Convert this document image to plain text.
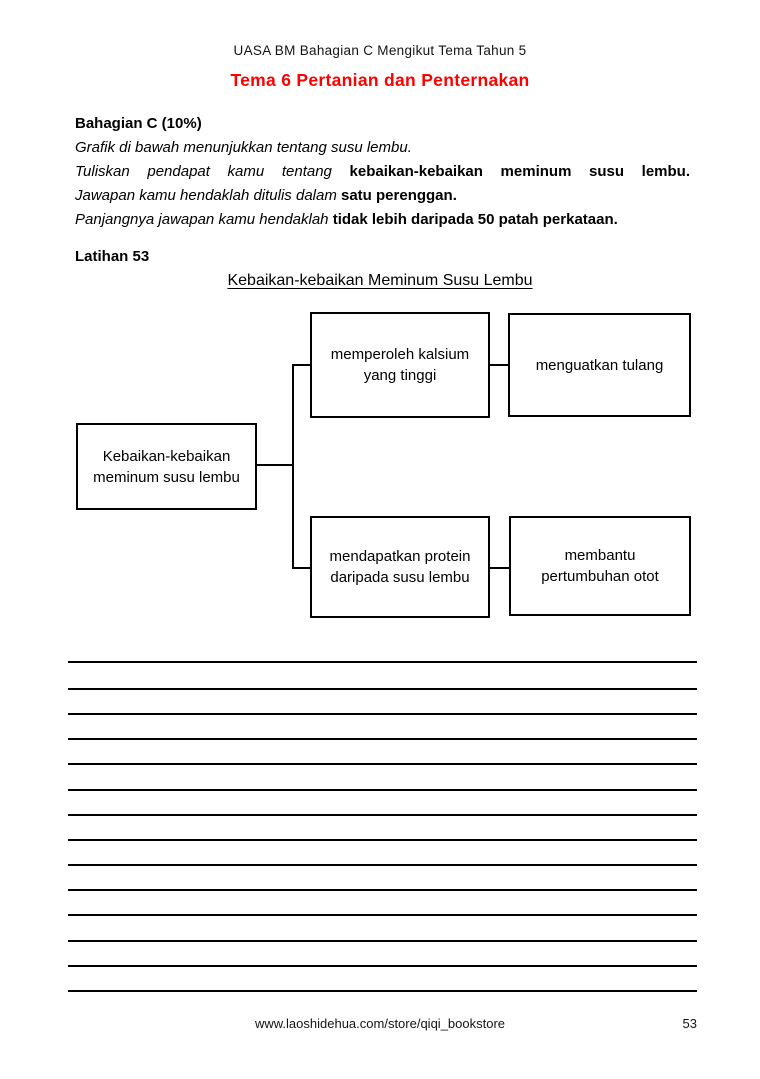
UASA BM Bahagian C Mengikut Tema Tahun 5
Tema 6 Pertanian dan Penternakan
Bahagian C (10%)
Grafik di bawah menunjukkan tentang susu lembu.
Tuliskan pendapat kamu tentang kebaikan-kebaikan meminum susu lembu.
Jawapan kamu hendaklah ditulis dalam satu perenggan.
Panjangnya jawapan kamu hendaklah tidak lebih daripada 50 patah perkataan.
Latihan 53
Kebaikan-kebaikan Meminum Susu Lembu
Kebaikan-kebaikan
meminum susu lembu
memperoleh kalsium
yang tinggi
menguatkan tulang
mendapatkan protein
daripada susu lembu
membantu
pertumbuhan otot
www.laoshidehua.com/store/qiqi_bookstore	53
